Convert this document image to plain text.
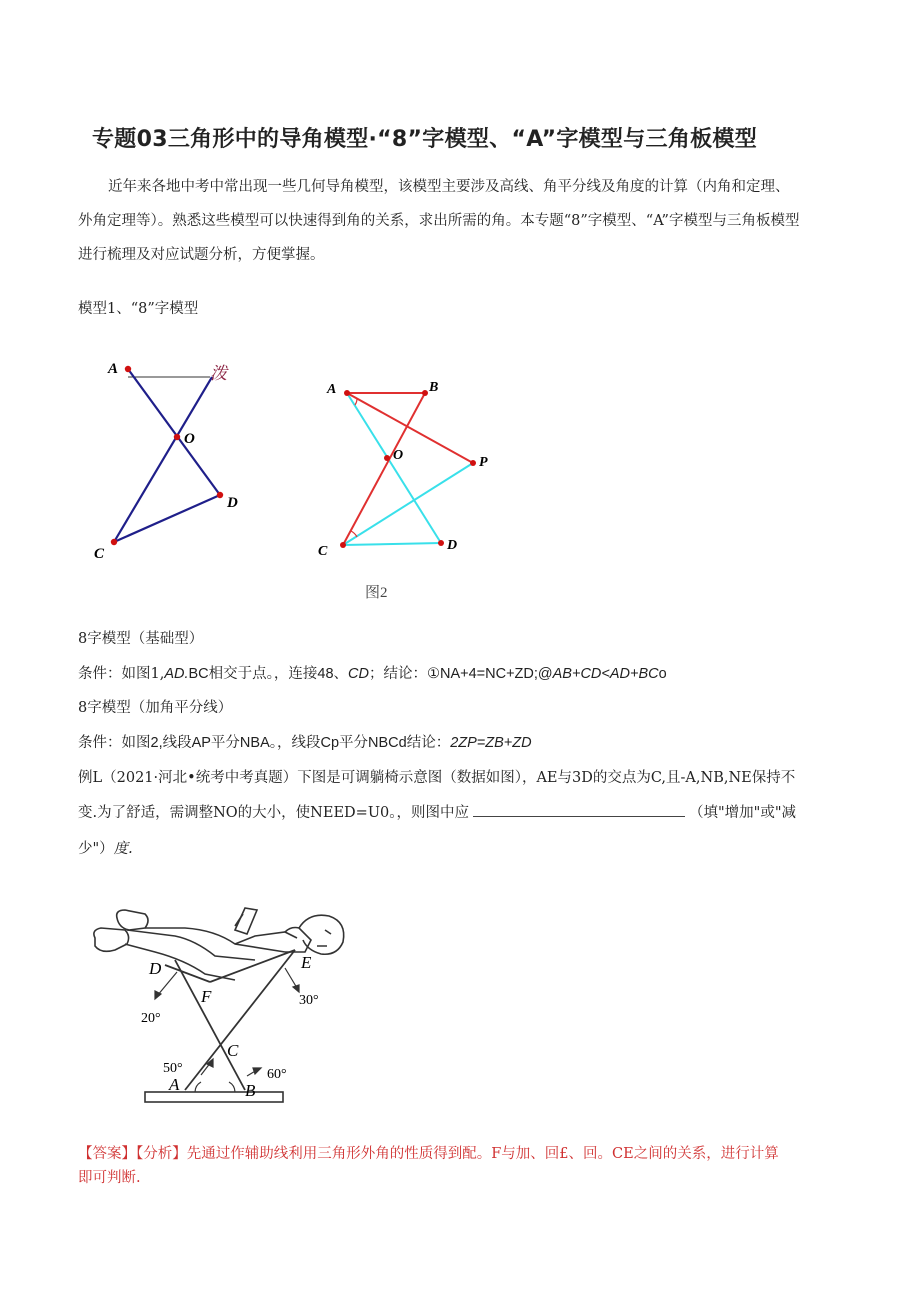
专题03三角形中的导角模型·“8”字模型、“A”字模型与三角板模型
近年来各地中考中常出现一些几何导角模型，该模型主要涉及高线、角平分线及角度的计算（内角和定理、
外角定理等）。熟悉这些模型可以快速得到角的关系，求出所需的角。本专题“8”字模型、“A”字模型与三角板模型
进行梳理及对应试题分析，方便掌握。
模型1、“8”字模型
A	泼
O
D
C
A	B
O	P
C	D
图2
8字模型（基础型）
条件：如图1,AD.BC相交于点。，连接48、CD；结论：①NA+4=NC+ZD;@AB+CD<AD+BCo
8字模型（加角平分线）
条件：如图2,线段AP平分NBA。，线段Cp平分NBCd结论：2ZP=ZB+ZD
例L（2021·河北•统考中考真题）下图是可调躺椅示意图（数据如图），AE与3D的交点为C,且-A,NB,NE保持不
变.为了舒适，需调整NO的大小，使NEED=U0。，则图中应	（填"增加"或"减
少"）度.
D	E
F
C
A	B
20°
30°
50°	60°
【答案】【分析】先通过作辅助线利用三角形外角的性质得到配。F与加、回£、回。CE之间的关系，进行计算
即可判断.
